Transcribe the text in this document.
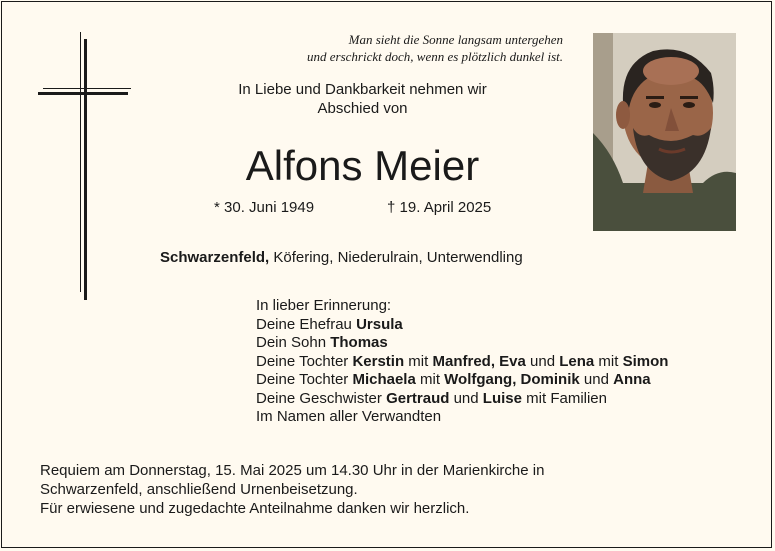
Man sieht die Sonne langsam untergehen
und erschrickt doch, wenn es plötzlich dunkel ist.
In Liebe und Dankbarkeit nehmen wir
Abschied von
Alfons Meier
* 30. Juni 1949	† 19. April 2025
Schwarzenfeld, Köfering, Niederulrain, Unterwendling
In lieber Erinnerung:
Deine Ehefrau Ursula
Dein Sohn Thomas
Deine Tochter Kerstin mit Manfred, Eva und Lena mit Simon
Deine Tochter Michaela mit Wolfgang, Dominik und Anna
Deine Geschwister Gertraud und Luise mit Familien
Im Namen aller Verwandten
Requiem am Donnerstag, 15. Mai 2025 um 14.30 Uhr in der Marienkirche in
Schwarzenfeld, anschließend Urnenbeisetzung.
Für erwiesene und zugedachte Anteilnahme danken wir herzlich.
